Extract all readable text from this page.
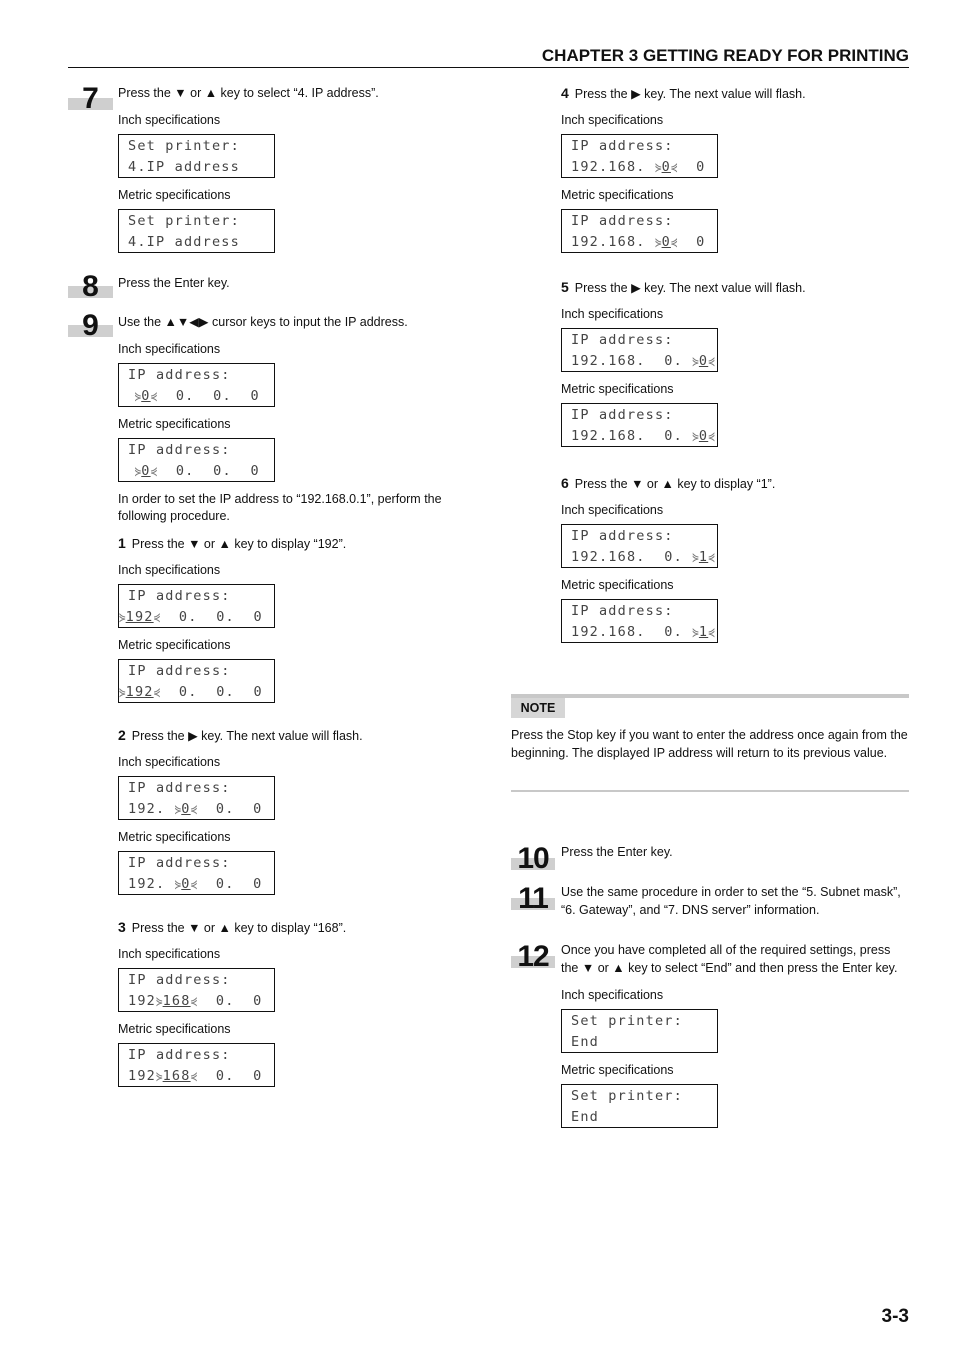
CHAPTER 3 GETTING READY FOR PRINTING
7	Press the ▼ or ▲ key to select “4. IP address”.
Inch specifications
Set printer:
4.IP address
Metric specifications
Set printer:
4.IP address
8	Press the Enter key.
9	Use the ▲▼◀▶ cursor keys to input the IP address.
Inch specifications
IP address:
⋟0⋞  0.  0.  0
Metric specifications
IP address:
⋟0⋞  0.  0.  0
In order to set the IP address to “192.168.0.1”, perform the following procedure.
1 Press the ▼ or ▲ key to display “192”.
Inch specifications
IP address:
⋟192⋞  0.  0.  0
Metric specifications
IP address:
⋟192⋞  0.  0.  0
2 Press the ▶ key. The next value will flash.
Inch specifications
IP address:
192. ⋟0⋞  0.  0
Metric specifications
IP address:
192. ⋟0⋞  0.  0
3 Press the ▼ or ▲ key to display “168”.
Inch specifications
IP address:
192⋟168⋞  0.  0
Metric specifications
IP address:
192⋟168⋞  0.  0
4 Press the ▶ key. The next value will flash.
Inch specifications
IP address:
192.168. ⋟0⋞  0
Metric specifications
IP address:
192.168. ⋟0⋞  0
5 Press the ▶ key. The next value will flash.
Inch specifications
IP address:
192.168.  0. ⋟0⋞
Metric specifications
IP address:
192.168.  0. ⋟0⋞
6 Press the ▼ or ▲ key to display “1”.
Inch specifications
IP address:
192.168.  0. ⋟1⋞
Metric specifications
IP address:
192.168.  0. ⋟1⋞
NOTE
Press the Stop key if you want to enter the address once again from the beginning. The displayed IP address will return to its previous value.
10 Press the Enter key.
11	Use the same procedure in order to set the “5. Subnet mask”, “6. Gateway”, and “7. DNS server” information.
12 Once you have completed all of the required settings, press the ▼ or ▲ key to select “End” and then press the Enter key.
Inch specifications
Set printer:
End
Metric specifications
Set printer:
End
3-3
